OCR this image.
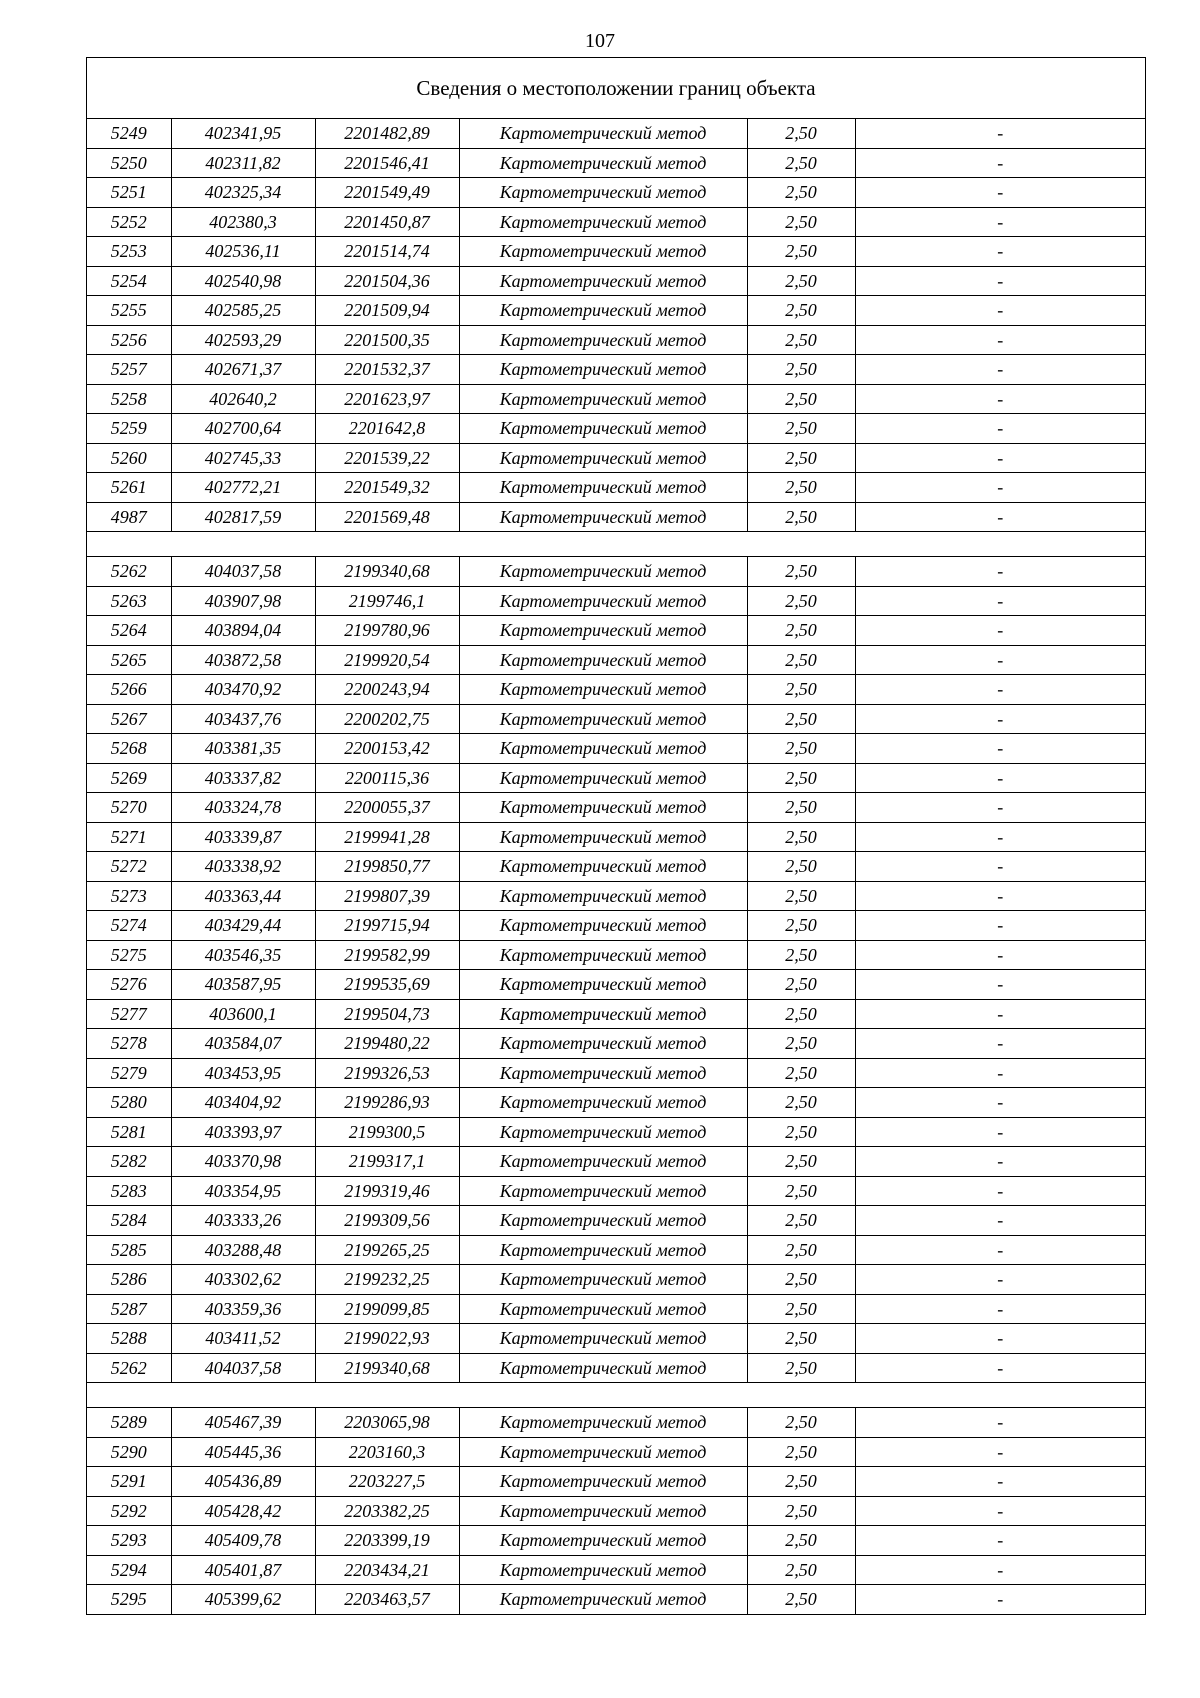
107
Сведения о местоположении границ объекта
5249	402341,95	2201482,89	Картометрический метод	2,50	-
5250	402311,82	2201546,41	Картометрический метод	2,50	-
5251	402325,34	2201549,49	Картометрический метод	2,50	-
5252	402380,3	2201450,87	Картометрический метод	2,50	-
5253	402536,11	2201514,74	Картометрический метод	2,50	-
5254	402540,98	2201504,36	Картометрический метод	2,50	-
5255	402585,25	2201509,94	Картометрический метод	2,50	-
5256	402593,29	2201500,35	Картометрический метод	2,50	-
5257	402671,37	2201532,37	Картометрический метод	2,50	-
5258	402640,2	2201623,97	Картометрический метод	2,50	-
5259	402700,64	2201642,8	Картометрический метод	2,50	-
5260	402745,33	2201539,22	Картометрический метод	2,50	-
5261	402772,21	2201549,32	Картометрический метод	2,50	-
4987	402817,59	2201569,48	Картометрический метод	2,50	-

5262	404037,58	2199340,68	Картометрический метод	2,50	-
5263	403907,98	2199746,1	Картометрический метод	2,50	-
5264	403894,04	2199780,96	Картометрический метод	2,50	-
5265	403872,58	2199920,54	Картометрический метод	2,50	-
5266	403470,92	2200243,94	Картометрический метод	2,50	-
5267	403437,76	2200202,75	Картометрический метод	2,50	-
5268	403381,35	2200153,42	Картометрический метод	2,50	-
5269	403337,82	2200115,36	Картометрический метод	2,50	-
5270	403324,78	2200055,37	Картометрический метод	2,50	-
5271	403339,87	2199941,28	Картометрический метод	2,50	-
5272	403338,92	2199850,77	Картометрический метод	2,50	-
5273	403363,44	2199807,39	Картометрический метод	2,50	-
5274	403429,44	2199715,94	Картометрический метод	2,50	-
5275	403546,35	2199582,99	Картометрический метод	2,50	-
5276	403587,95	2199535,69	Картометрический метод	2,50	-
5277	403600,1	2199504,73	Картометрический метод	2,50	-
5278	403584,07	2199480,22	Картометрический метод	2,50	-
5279	403453,95	2199326,53	Картометрический метод	2,50	-
5280	403404,92	2199286,93	Картометрический метод	2,50	-
5281	403393,97	2199300,5	Картометрический метод	2,50	-
5282	403370,98	2199317,1	Картометрический метод	2,50	-
5283	403354,95	2199319,46	Картометрический метод	2,50	-
5284	403333,26	2199309,56	Картометрический метод	2,50	-
5285	403288,48	2199265,25	Картометрический метод	2,50	-
5286	403302,62	2199232,25	Картометрический метод	2,50	-
5287	403359,36	2199099,85	Картометрический метод	2,50	-
5288	403411,52	2199022,93	Картометрический метод	2,50	-
5262	404037,58	2199340,68	Картометрический метод	2,50	-

5289	405467,39	2203065,98	Картометрический метод	2,50	-
5290	405445,36	2203160,3	Картометрический метод	2,50	-
5291	405436,89	2203227,5	Картометрический метод	2,50	-
5292	405428,42	2203382,25	Картометрический метод	2,50	-
5293	405409,78	2203399,19	Картометрический метод	2,50	-
5294	405401,87	2203434,21	Картометрический метод	2,50	-
5295	405399,62	2203463,57	Картометрический метод	2,50	-
